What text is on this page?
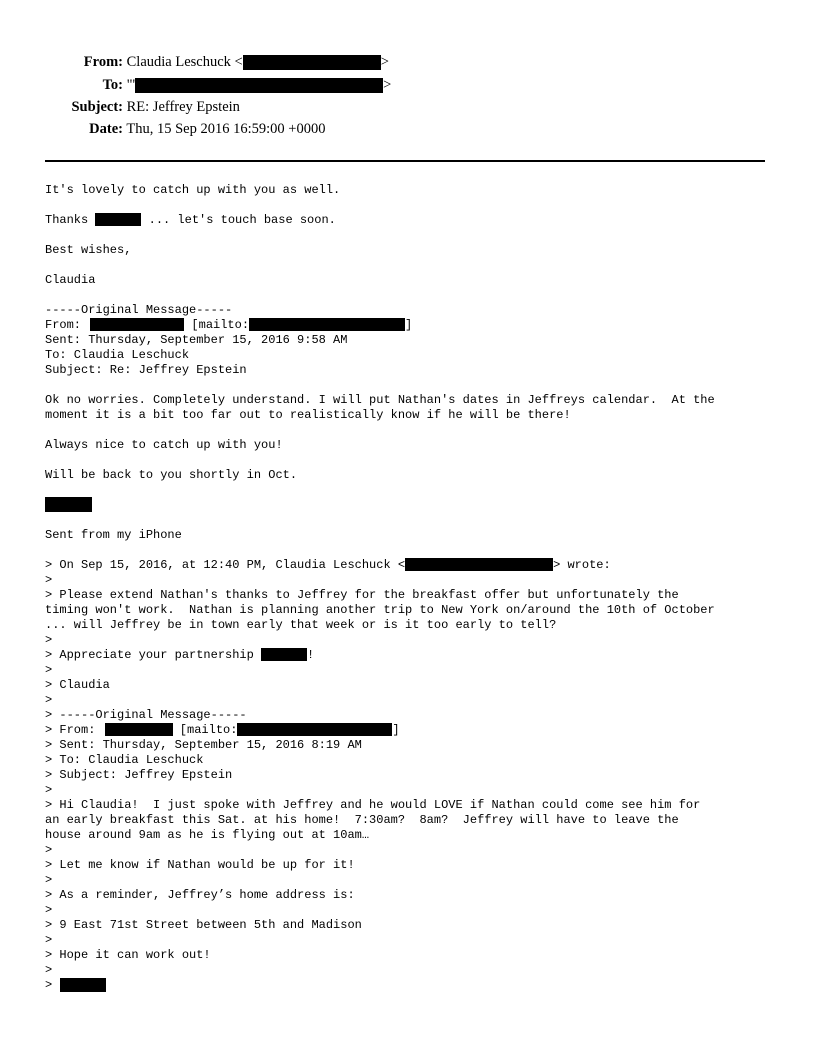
From: Claudia Leschuck <	>
To: "'	>
Subject: RE: Jeffrey Epstein
Date: Thu, 15 Sep 2016 16:59:00 +0000
It's lovely to catch up with you as well.
Thanks	... let's touch base soon.
Best wishes,
Claudia
-----Original Message-----
From:	[mailto:	]
Sent: Thursday, September 15, 2016 9:58 AM
To: Claudia Leschuck
Subject: Re: Jeffrey Epstein
Ok no worries. Completely understand. I will put Nathan's dates in Jeffreys calendar.  At the
moment it is a bit too far out to realistically know if he will be there!
Always nice to catch up with you!
Will be back to you shortly in Oct.
Sent from my iPhone
> On Sep 15, 2016, at 12:40 PM, Claudia Leschuck <	> wrote:
>
> Please extend Nathan's thanks to Jeffrey for the breakfast offer but unfortunately the
timing won't work.  Nathan is planning another trip to New York on/around the 10th of October
... will Jeffrey be in town early that week or is it too early to tell?
>
> Appreciate your partnership	!
>
> Claudia
>
> -----Original Message-----
> From:	[mailto:	]
> Sent: Thursday, September 15, 2016 8:19 AM
> To: Claudia Leschuck
> Subject: Jeffrey Epstein
>
> Hi Claudia!  I just spoke with Jeffrey and he would LOVE if Nathan could come see him for
an early breakfast this Sat. at his home!  7:30am?  8am?  Jeffrey will have to leave the
house around 9am as he is flying out at 10am…
>
> Let me know if Nathan would be up for it!
>
> As a reminder, Jeffrey’s home address is:
>
> 9 East 71st Street between 5th and Madison
>
> Hope it can work out!
>
>
